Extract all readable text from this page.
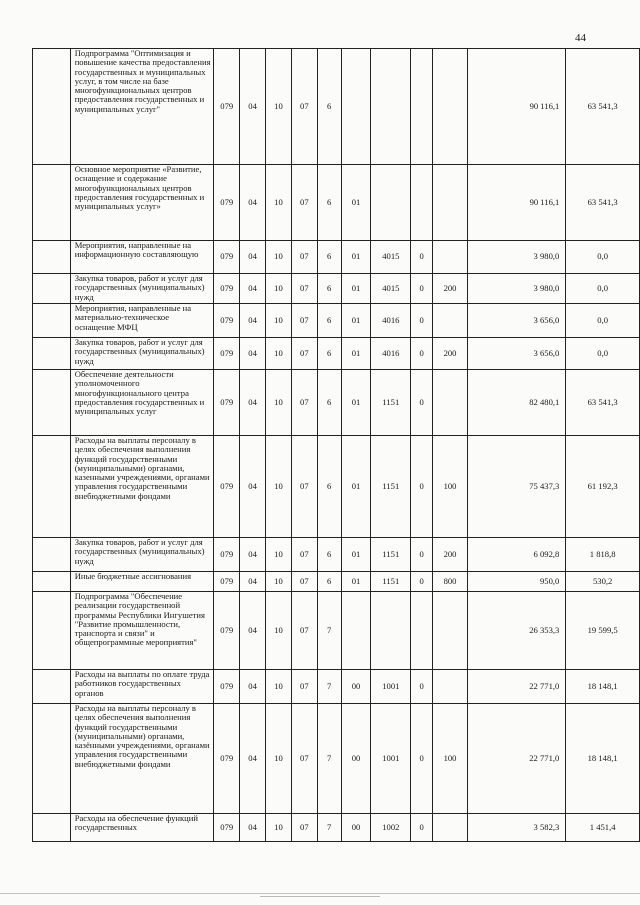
44
	Подпрограмма "Оптимизация и повышение качества предоставления государственных и муниципальных услуг, в том числе на базе многофункциональных центров предоставления государственных и муниципальных услуг"	079	04	10	07	6					90 116,1	63 541,3
	Основное мероприятие «Развитие, оснащение и содержание многофункциональных центров предоставления государственных и муниципальных услуг»	079	04	10	07	6	01				90 116,1	63 541,3
	Мероприятия, направленные на информационную составляющую	079	04	10	07	6	01	4015	0		3 980,0	0,0
	Закупка товаров, работ и услуг для государственных (муниципальных) нужд	079	04	10	07	6	01	4015	0	200	3 980,0	0,0
	Мероприятия, направленные на материально-техническое оснащение МФЦ	079	04	10	07	6	01	4016	0		3 656,0	0,0
	Закупка товаров, работ и услуг для государственных (муниципальных) нужд	079	04	10	07	6	01	4016	0	200	3 656,0	0,0
	Обеспечение деятельности уполномоченного многофункционального центра предоставления государственных и муниципальных услуг	079	04	10	07	6	01	1151	0		82 480,1	63 541,3
	Расходы на выплаты персоналу в целях обеспечения выполнения функций государственными (муниципальными) органами, казенными учреждениями, органами управления государственными внебюджетными фондами	079	04	10	07	6	01	1151	0	100	75 437,3	61 192,3
	Закупка товаров, работ и услуг для государственных (муниципальных) нужд	079	04	10	07	6	01	1151	0	200	6 092,8	1 818,8
	Иные бюджетные ассигнования	079	04	10	07	6	01	1151	0	800	950,0	530,2
	Подпрограмма "Обеспечение реализации государственной программы Республики Ингушетия "Развитие промышленности, транспорта и связи" и общепрограммные мероприятия"	079	04	10	07	7					26 353,3	19 599,5
	Расходы на выплаты по оплате труда работников государственных органов	079	04	10	07	7	00	1001	0		22 771,0	18 148,1
	Расходы на выплаты персоналу в целях обеспечения выполнения функций государственными (муниципальными) органами, казёнными учреждениями, органами управления государственными внебюджетными фондами	079	04	10	07	7	00	1001	0	100	22 771,0	18 148,1
	Расходы на обеспечение функций государственных	079	04	10	07	7	00	1002	0		3 582,3	1 451,4
